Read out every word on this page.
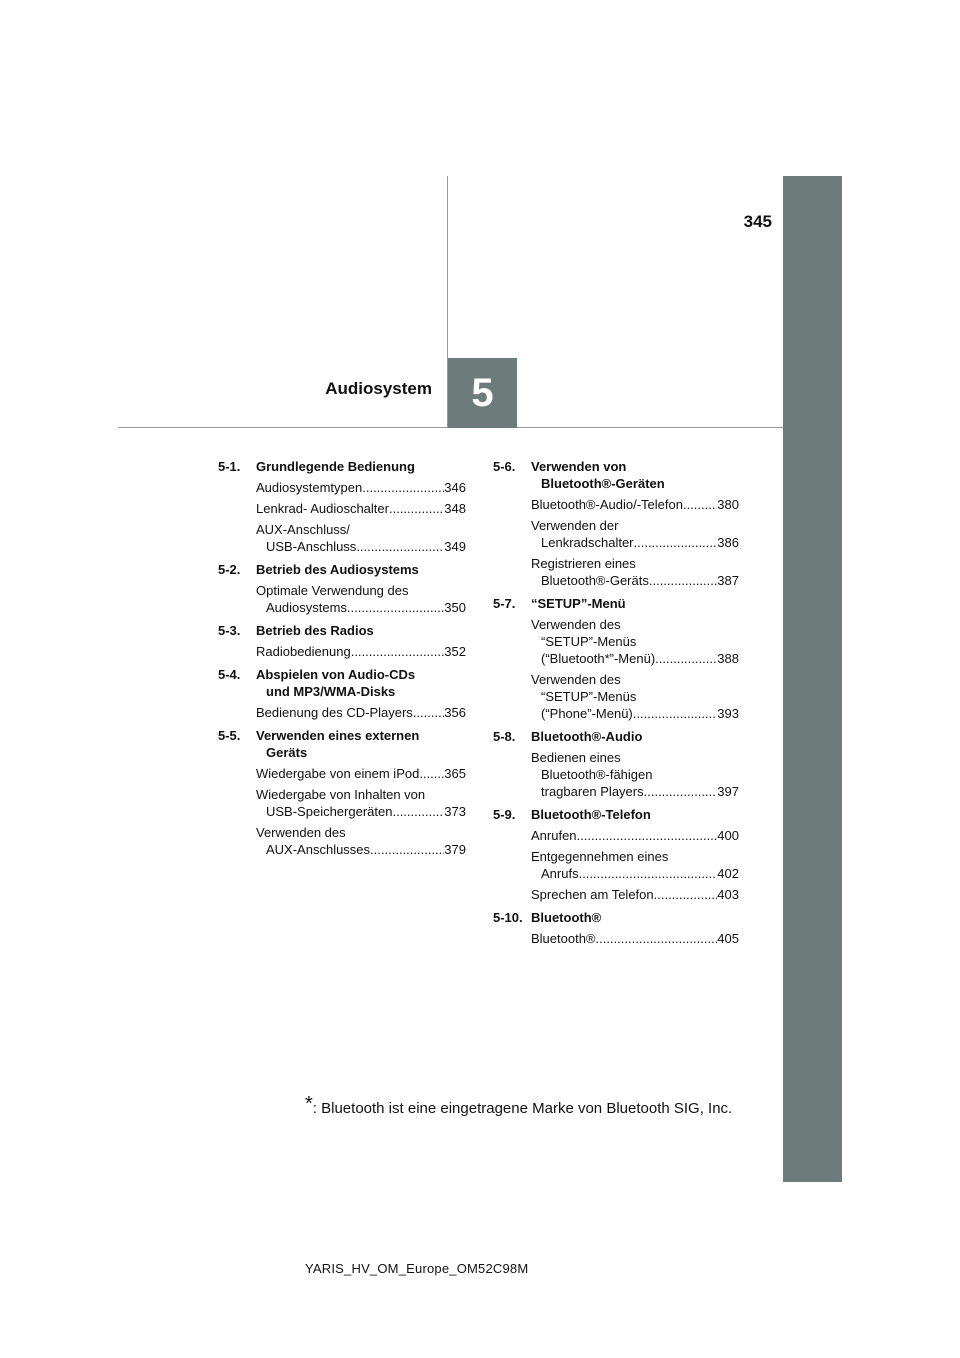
345
5
Audiosystem
5-1.	Grundlegende Bedienung
Audiosystemtypen .....	346
Lenkrad- Audioschalter .....	348
AUX-Anschluss/
USB-Anschluss .....	349
5-2.	Betrieb des Audiosystems
Optimale Verwendung des
Audiosystems .....	350
5-3.	Betrieb des Radios
Radiobedienung .....	352
5-4.	Abspielen von Audio-CDs
und MP3/WMA-Disks
Bedienung des CD-Players ..... 356
5-5.	Verwenden eines externen
Geräts
Wiedergabe von einem iPod ..... 365
Wiedergabe von Inhalten von
USB-Speichergeräten .....	373
Verwenden des
AUX-Anschlusses .....	379
5-6.	Verwenden von
Bluetooth®-Geräten
Bluetooth®-Audio/-Telefon .....	380
Verwenden der
Lenkradschalter .....	386
Registrieren eines
Bluetooth®-Geräts .....	387
5-7.	“SETUP”-Menü
Verwenden des
“SETUP”-Menüs
(“Bluetooth*”-Menü) .....	388
Verwenden des
“SETUP”-Menüs
(“Phone”-Menü) .....	393
5-8.	Bluetooth®-Audio
Bedienen eines
Bluetooth®-fähigen
tragbaren Players .....	397
5-9.	Bluetooth®-Telefon
Anrufen .....	400
Entgegennehmen eines
Anrufs .....	402
Sprechen am Telefon .....	403
5-10. Bluetooth®
Bluetooth® .....	405
*: Bluetooth ist eine eingetragene Marke von Bluetooth SIG, Inc.
YARIS_HV_OM_Europe_OM52C98M
